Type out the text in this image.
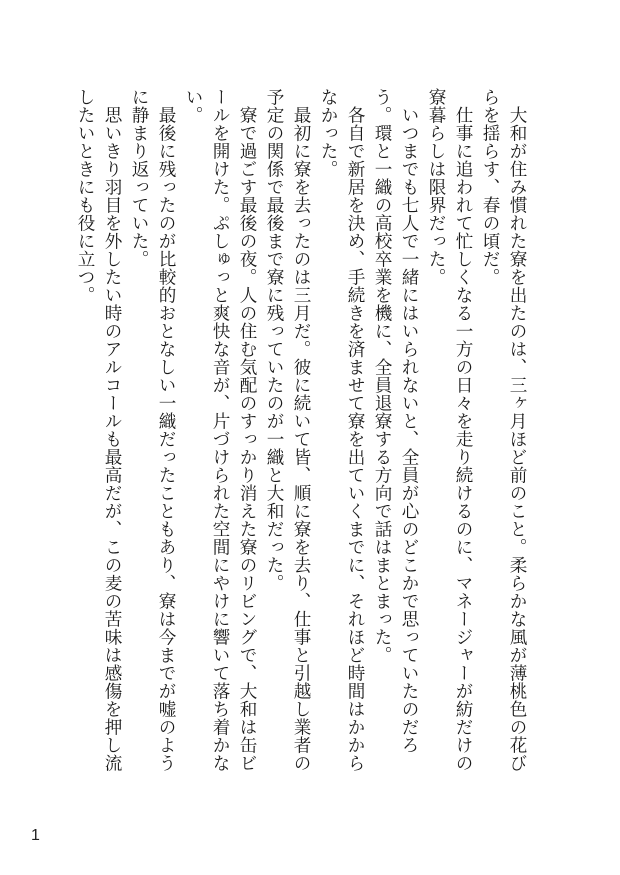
大和が住み慣れた寮を出たのは、三ヶ月ほど前のこと。柔らかな風が薄桃色の花びらを揺らす、春の頃だ。

仕事に追われて忙しくなる一方の日々を走り続けるのに、マネージャーが紡だけの寮暮らしは限界だった。

いつまでも七人で一緒にはいられないと、全員が心のどこかで思っていたのだろう。環と一織の高校卒業を機に、全員退寮する方向で話はまとまった。

各自で新居を決め、手続きを済ませて寮を出ていくまでに、それほど時間はかからなかった。

最初に寮を去ったのは三月だ。彼に続いて皆、順に寮を去り、仕事と引越し業者の予定の関係で最後まで寮に残っていたのが一織と大和だった。

寮で過ごす最後の夜。人の住む気配のすっかり消えた寮のリビングで、大和は缶ビールを開けた。ぷしゅっと爽快な音が、片づけられた空間にやけに響いて落ち着かない。

最後に残ったのが比較的おとなしい一織だったこともあり、寮は今までが嘘のように静まり返っていた。

思いきり羽目を外したい時のアルコールも最高だが、この麦の苦味は感傷を押し流したいときにも役に立つ。

1
